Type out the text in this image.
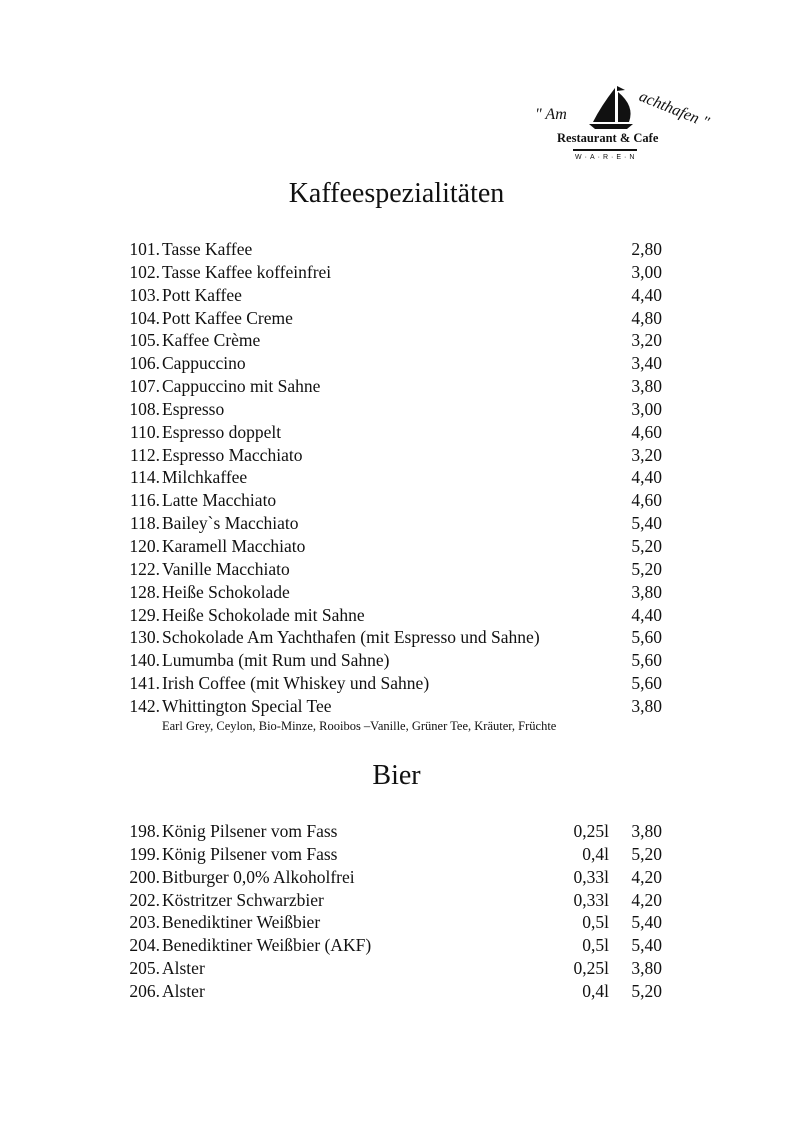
" Am	achthafen "
Restaurant & Cafe
W·A·R·E·N
Kaffeespezialitäten
101. Tasse Kaffee	2,80
102. Tasse Kaffee koffeinfrei	3,00
103. Pott Kaffee	4,40
104. Pott Kaffee Creme	4,80
105. Kaffee Crème	3,20
106. Cappuccino	3,40
107. Cappuccino mit Sahne	3,80
108. Espresso	3,00
110. Espresso doppelt	4,60
112. Espresso Macchiato	3,20
114. Milchkaffee	4,40
116. Latte Macchiato	4,60
118. Bailey`s Macchiato	5,40
120. Karamell Macchiato	5,20
122. Vanille Macchiato	5,20
128. Heiße Schokolade	3,80
129. Heiße Schokolade mit Sahne	4,40
130. Schokolade Am Yachthafen (mit Espresso und Sahne)	5,60
140. Lumumba (mit Rum und Sahne)	5,60
141. Irish Coffee (mit Whiskey und Sahne)	5,60
142. Whittington Special Tee	3,80
Earl Grey, Ceylon, Bio-Minze, Rooibos –Vanille, Grüner Tee, Kräuter, Früchte
Bier
198. König Pilsener vom Fass	0,25l 3,80
199. König Pilsener vom Fass	0,4l 5,20
200. Bitburger 0,0% Alkoholfrei	0,33l 4,20
202. Köstritzer Schwarzbier	0,33l 4,20
203. Benediktiner Weißbier	0,5l 5,40
204. Benediktiner Weißbier (AKF)	0,5l 5,40
205. Alster	0,25l 3,80
206. Alster	0,4l 5,20
